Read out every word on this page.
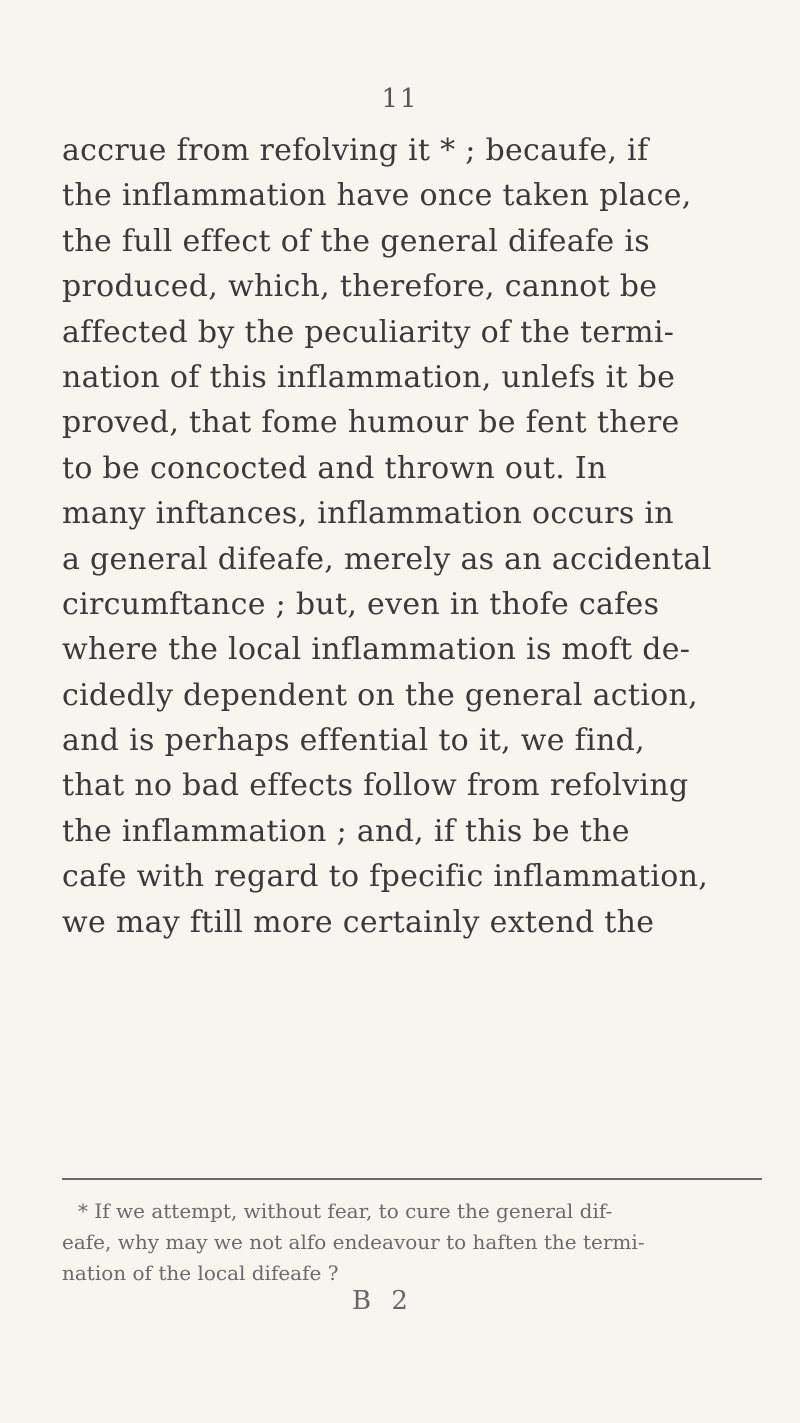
11
accrue from refolving it * ; becaufe, if
the inflammation have once taken place,
the full effect of the general difeafe is
produced, which, therefore, cannot be
affected by the peculiarity of the termi-
nation of this inflammation, unlefs it be
proved, that fome humour be fent there
to be concocted and thrown out. In
many inftances, inflammation occurs in
a general difeafe, merely as an accidental
circumftance ; but, even in thofe cafes
where the local inflammation is moft de-
cidedly dependent on the general action,
and is perhaps effential to it, we find,
that no bad effects follow from refolving
the inflammation ; and, if this be the
cafe with regard to fpecific inflammation,
we may ftill more certainly extend the
* If we attempt, without fear, to cure the general dif-
eafe, why may we not alfo endeavour to haften the termi-
nation of the local difeafe ?
B 2
